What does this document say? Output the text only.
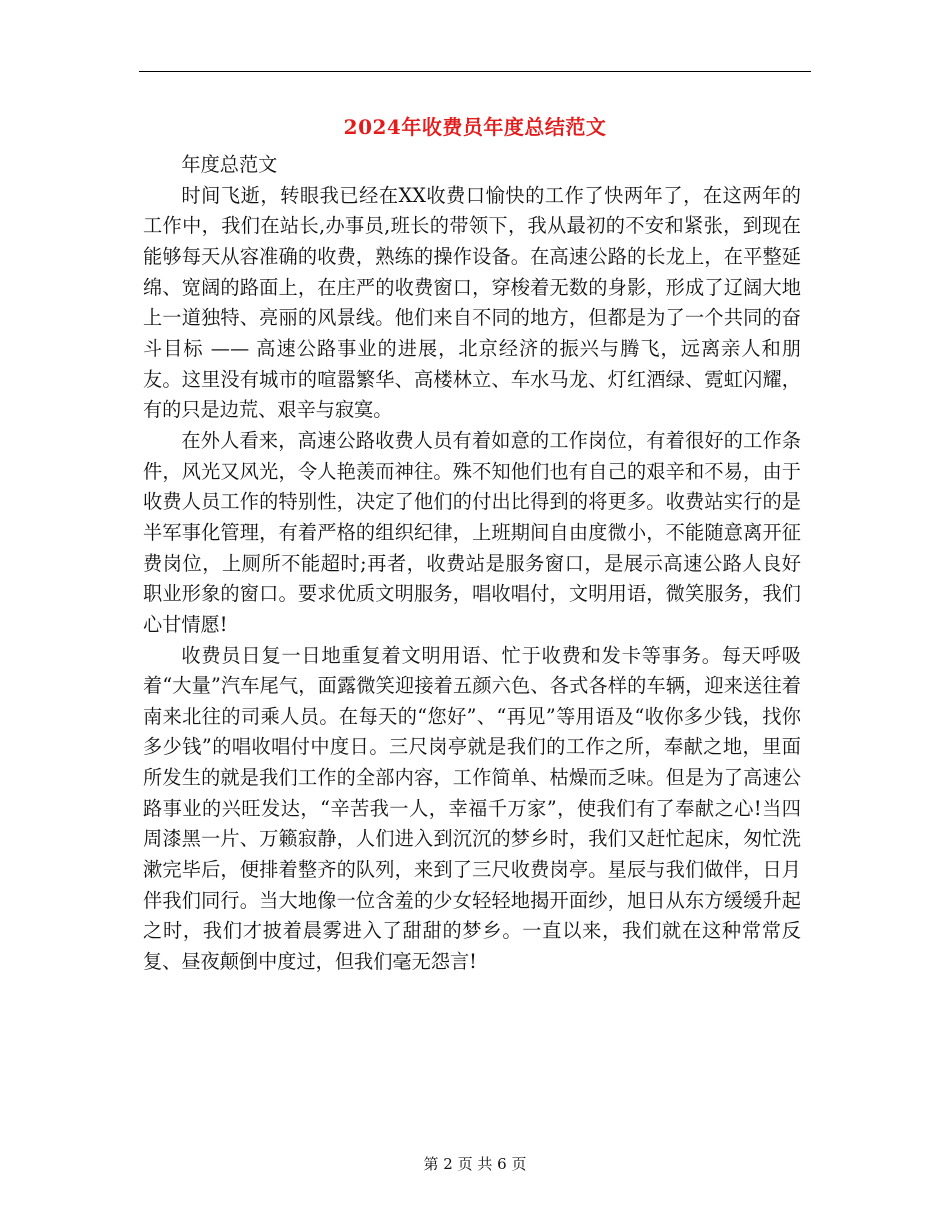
2024年收费员年度总结范文

年度总范文

时间飞逝，转眼我已经在XX收费口愉快的工作了快两年了，在这两年的工作中，我们在站长,办事员,班长的带领下，我从最初的不安和紧张，到现在能够每天从容准确的收费，熟练的操作设备。在高速公路的长龙上，在平整延绵、宽阔的路面上，在庄严的收费窗口，穿梭着无数的身影，形成了辽阔大地上一道独特、亮丽的风景线。他们来自不同的地方，但都是为了一个共同的奋斗目标 —— 高速公路事业的进展，北京经济的振兴与腾飞，远离亲人和朋友。这里没有城市的喧嚣繁华、高楼林立、车水马龙、灯红酒绿、霓虹闪耀，有的只是边荒、艰辛与寂寞。

在外人看来，高速公路收费人员有着如意的工作岗位，有着很好的工作条件，风光又风光，令人艳羡而神往。殊不知他们也有自己的艰辛和不易，由于收费人员工作的特别性，决定了他们的付出比得到的将更多。收费站实行的是半军事化管理，有着严格的组织纪律，上班期间自由度微小，不能随意离开征费岗位，上厕所不能超时;再者，收费站是服务窗口，是展示高速公路人良好职业形象的窗口。要求优质文明服务，唱收唱付，文明用语，微笑服务，我们心甘情愿!

收费员日复一日地重复着文明用语、忙于收费和发卡等事务。每天呼吸着“大量”汽车尾气，面露微笑迎接着五颜六色、各式各样的车辆，迎来送往着南来北往的司乘人员。在每天的“您好”、“再见”等用语及“收你多少钱，找你多少钱”的唱收唱付中度日。三尺岗亭就是我们的工作之所，奉献之地，里面所发生的就是我们工作的全部内容，工作简单、枯燥而乏味。但是为了高速公路事业的兴旺发达，“辛苦我一人，幸福千万家”，使我们有了奉献之心!当四周漆黑一片、万籁寂静，人们进入到沉沉的梦乡时，我们又赶忙起床，匆忙洗漱完毕后，便排着整齐的队列，来到了三尺收费岗亭。星辰与我们做伴，日月伴我们同行。当大地像一位含羞的少女轻轻地揭开面纱，旭日从东方缓缓升起之时，我们才披着晨雾进入了甜甜的梦乡。一直以来，我们就在这种常常反复、昼夜颠倒中度过，但我们毫无怨言!

第 2 页 共 6 页
